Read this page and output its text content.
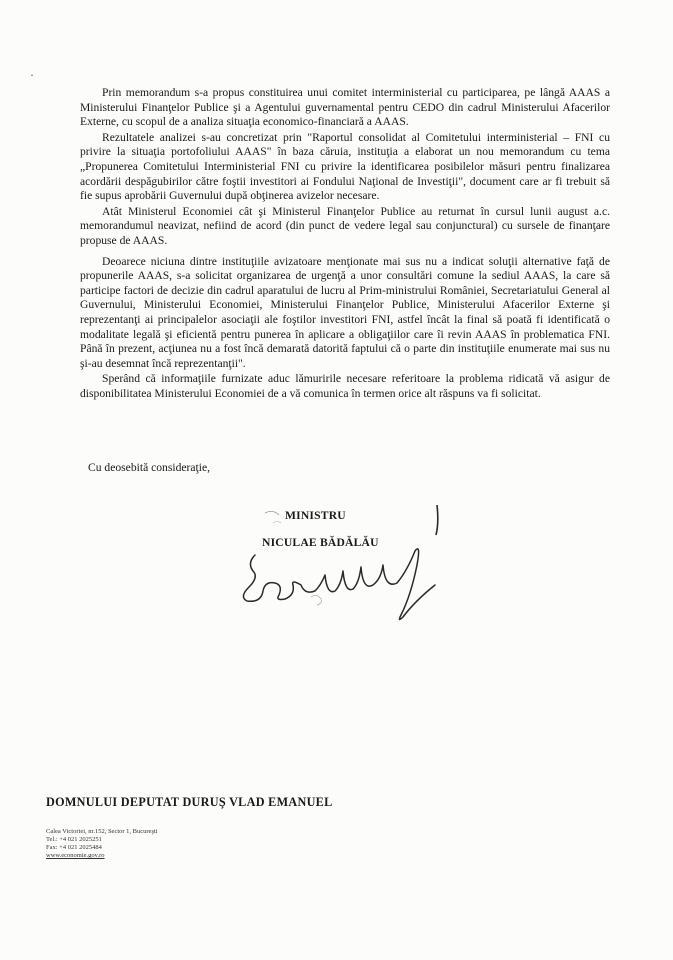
·

Prin memorandum s-a propus constituirea unui comitet interministerial cu participarea, pe lângă AAAS a Ministerului Finanţelor Publice şi a Agentului guvernamental pentru CEDO din cadrul Ministerului Afacerilor Externe, cu scopul de a analiza situaţia economico-financiară a AAAS.

Rezultatele analizei s-au concretizat prin "Raportul consolidat al Comitetului interministerial – FNI cu privire la situaţia portofoliului AAAS" în baza căruia, instituţia a elaborat un nou memorandum cu tema „Propunerea Comitetului Interministerial FNI cu privire la identificarea posibilelor măsuri pentru finalizarea acordării despăgubirilor către foştii investitori ai Fondului Naţional de Investiţii", document care ar fi trebuit să fie supus aprobării Guvernului după obţinerea avizelor necesare.

Atât Ministerul Economiei cât şi Ministerul Finanţelor Publice au returnat în cursul lunii august a.c. memorandumul neavizat, nefiind de acord (din punct de vedere legal sau conjunctural) cu sursele de finanţare propuse de AAAS.

Deoarece niciuna dintre instituţiile avizatoare menţionate mai sus nu a indicat soluţii alternative faţă de propunerile AAAS, s-a solicitat organizarea de urgenţă a unor consultări comune la sediul AAAS, la care să participe factori de decizie din cadrul aparatului de lucru al Prim-ministrului României, Secretariatului General al Guvernului, Ministerului Economiei, Ministerului Finanţelor Publice, Ministerului Afacerilor Externe şi reprezentanţi ai principalelor asociaţii ale foştilor investitori FNI, astfel încât la final să poată fi identificată o modalitate legală şi eficientă pentru punerea în aplicare a obligaţiilor care îi revin AAAS în problematica FNI. Până în prezent, acţiunea nu a fost încă demarată datorită faptului că o parte din instituţiile enumerate mai sus nu şi-au desemnat încă reprezentanţii".

Sperând că informaţiile furnizate aduc lămuririle necesare referitoare la problema ridicată vă asigur de disponibilitatea Ministerului Economiei de a vă comunica în termen orice alt răspuns va fi solicitat.

Cu deosebită consideraţie,
MINISTRU
NICULAE BĂDĂLĂU
DOMNULUI DEPUTAT DURUŞ VLAD EMANUEL
Calea Victoriei, nr.152, Sector 1, Bucureşti
Tel.: +4 021 2025251
Fax: +4 021 2025484
www.economie.gov.ro
